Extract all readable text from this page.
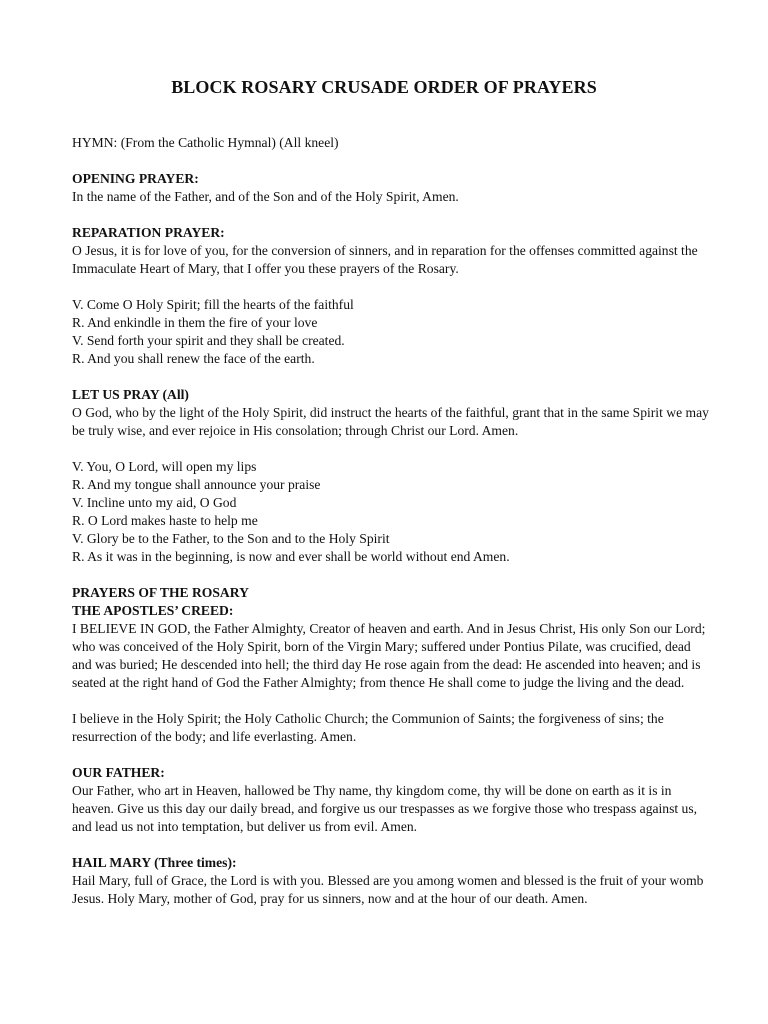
BLOCK ROSARY CRUSADE ORDER OF PRAYERS

HYMN: (From the Catholic Hymnal) (All kneel)

OPENING PRAYER:

In the name of the Father, and of the Son and of the Holy Spirit, Amen.

REPARATION PRAYER:

O Jesus, it is for love of you, for the conversion of sinners, and in reparation for the offenses committed against the Immaculate Heart of Mary, that I offer you these prayers of the Rosary.

V. Come O Holy Spirit; fill the hearts of the faithful

R. And enkindle in them the fire of your love

V. Send forth your spirit and they shall be created.

R. And you shall renew the face of the earth.

LET US PRAY (All)

O God, who by the light of the Holy Spirit, did instruct the hearts of the faithful, grant that in the same Spirit we may be truly wise, and ever rejoice in His consolation; through Christ our Lord. Amen.

V. You, O Lord, will open my lips

R. And my tongue shall announce your praise

V. Incline unto my aid, O God

R. O Lord makes haste to help me

V. Glory be to the Father, to the Son and to the Holy Spirit

R. As it was in the beginning, is now and ever shall be world without end Amen.

PRAYERS OF THE ROSARY

THE APOSTLES’ CREED:

I BELIEVE IN GOD, the Father Almighty, Creator of heaven and earth. And in Jesus Christ, His only Son our Lord; who was conceived of the Holy Spirit, born of the Virgin Mary; suffered under Pontius Pilate, was crucified, dead and was buried; He descended into hell; the third day He rose again from the dead: He ascended into heaven; and is seated at the right hand of God the Father Almighty; from thence He shall come to judge the living and the dead.

I believe in the Holy Spirit; the Holy Catholic Church; the Communion of Saints; the forgiveness of sins; the resurrection of the body; and life everlasting. Amen.

OUR FATHER:

Our Father, who art in Heaven, hallowed be Thy name, thy kingdom come, thy will be done on earth as it is in heaven. Give us this day our daily bread, and forgive us our trespasses as we forgive those who trespass against us, and lead us not into temptation, but deliver us from evil. Amen.

HAIL MARY (Three times):

Hail Mary, full of Grace, the Lord is with you. Blessed are you among women and blessed is the fruit of your womb Jesus. Holy Mary, mother of God, pray for us sinners, now and at the hour of our death. Amen.
